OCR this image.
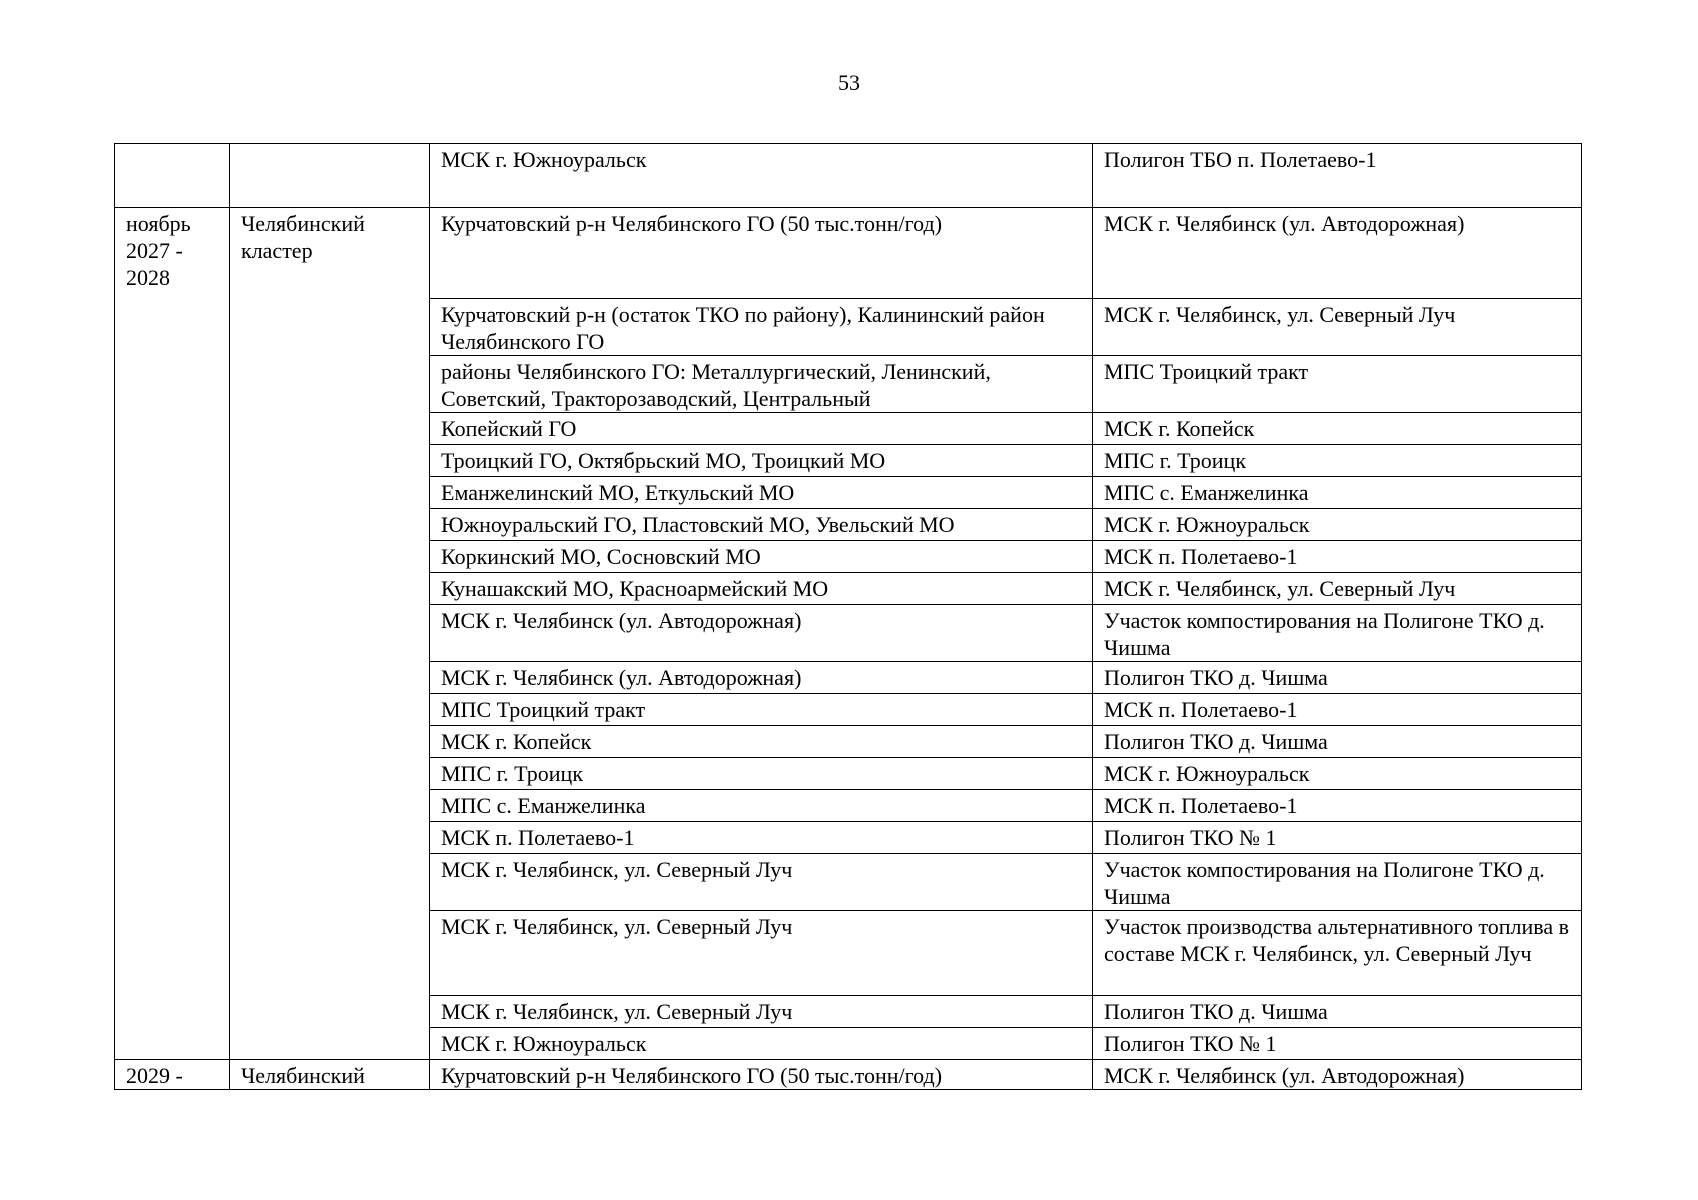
53
		МСК г. Южноуральск	Полигон ТБО п. Полетаево-1
ноябрь 2027 - 2028	Челябинский кластер	Курчатовский р-н Челябинского ГО (50 тыс.тонн/год)	МСК г. Челябинск (ул. Автодорожная)
		Курчатовский р-н (остаток ТКО по району), Калининский район Челябинского ГО	МСК г. Челябинск, ул. Северный Луч
		районы Челябинского ГО: Металлургический, Ленинский, Советский, Тракторозаводский, Центральный	МПС Троицкий тракт
		Копейский ГО	МСК г. Копейск
		Троицкий ГО, Октябрьский МО, Троицкий МО	МПС г. Троицк
		Еманжелинский МО, Еткульский МО	МПС с. Еманжелинка
		Южноуральский ГО, Пластовский МО, Увельский МО	МСК г. Южноуральск
		Коркинский МО, Сосновский МО	МСК п. Полетаево-1
		Кунашакский МО, Красноармейский МО	МСК г. Челябинск, ул. Северный Луч
		МСК г. Челябинск (ул. Автодорожная)	Участок компостирования на Полигоне ТКО д. Чишма
		МСК г. Челябинск (ул. Автодорожная)	Полигон ТКО д. Чишма
		МПС Троицкий тракт	МСК п. Полетаево-1
		МСК г. Копейск	Полигон ТКО д. Чишма
		МПС г. Троицк	МСК г. Южноуральск
		МПС с. Еманжелинка	МСК п. Полетаево-1
		МСК п. Полетаево-1	Полигон ТКО № 1
		МСК г. Челябинск, ул. Северный Луч	Участок компостирования на Полигоне ТКО д. Чишма
		МСК г. Челябинск, ул. Северный Луч	Участок производства альтернативного топлива в составе МСК г. Челябинск, ул. Северный Луч
		МСК г. Челябинск, ул. Северный Луч	Полигон ТКО д. Чишма
		МСК г. Южноуральск	Полигон ТКО № 1
2029 -	Челябинский	Курчатовский р-н Челябинского ГО (50 тыс.тонн/год)	МСК г. Челябинск (ул. Автодорожная)
